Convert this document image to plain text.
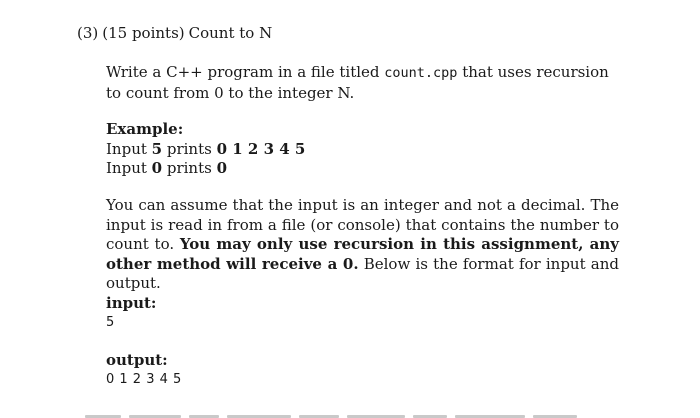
(3) (15 points) Count to N
Write a C++ program in a file titled count.cpp that uses recursion to count from 0 to the integer N.
Example:
Input 5 prints 0 1 2 3 4 5
Input 0 prints 0
You can assume that the input is an integer and not a decimal. The input is read in from a file (or console) that contains the number to count to. You may only use recursion in this assignment, any other method will receive a 0. Below is the format for input and output.
input:
5
output:
0 1 2 3 4 5
